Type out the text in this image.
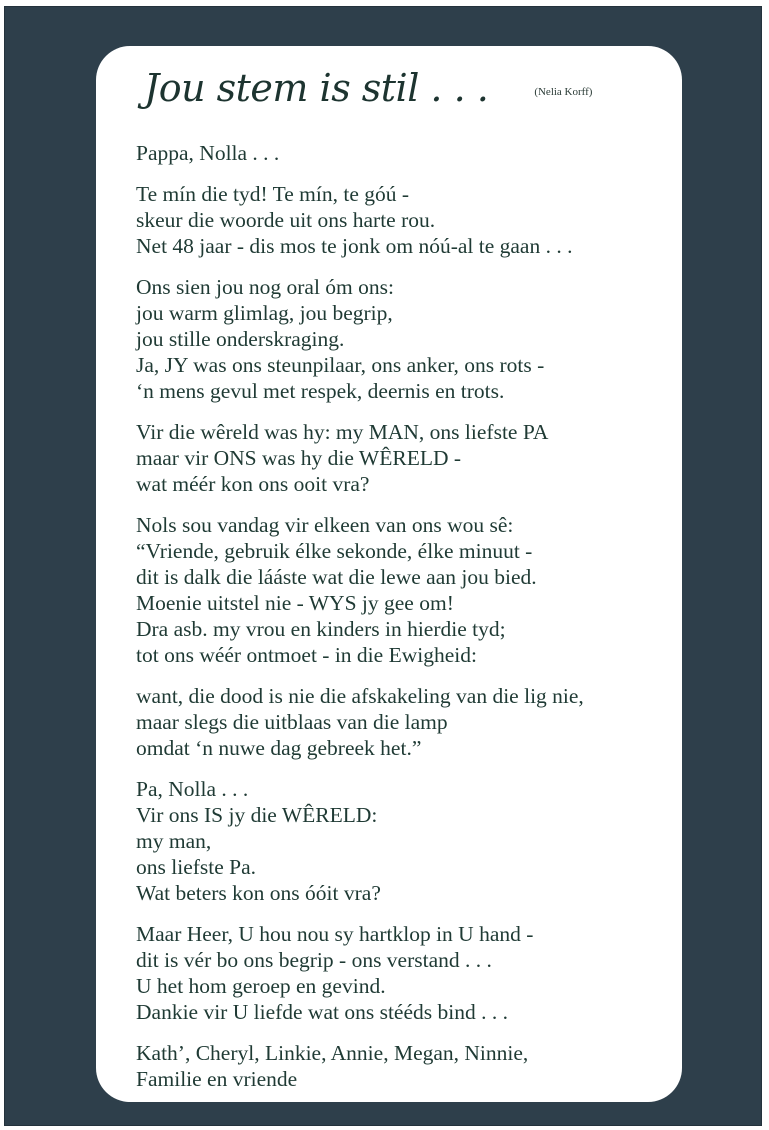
Jou stem is stil . . .	(Nelia Korff)
Pappa, Nolla . . .
Te mín die tyd! Te mín, te góú -
skeur die woorde uit ons harte rou.
Net 48 jaar - dis mos te jonk om nóú-al te gaan . . .
Ons sien jou nog oral óm ons:
jou warm glimlag, jou begrip,
jou stille onderskraging.
Ja, JY was ons steunpilaar, ons anker, ons rots -
‘n mens gevul met respek, deernis en trots.
Vir die wêreld was hy: my MAN, ons liefste PA
maar vir ONS was hy die WÊRELD -
wat méér kon ons ooit vra?
Nols sou vandag vir elkeen van ons wou sê:
“Vriende, gebruik élke sekonde, élke minuut -
dit is dalk die lááste wat die lewe aan jou bied.
Moenie uitstel nie - WYS jy gee om!
Dra asb. my vrou en kinders in hierdie tyd;
tot ons wéér ontmoet - in die Ewigheid:
want, die dood is nie die afskakeling van die lig nie,
maar slegs die uitblaas van die lamp
omdat ‘n nuwe dag gebreek het.”
Pa, Nolla . . .
Vir ons IS jy die WÊRELD:
my man,
ons liefste Pa.
Wat beters kon ons óóit vra?
Maar Heer, U hou nou sy hartklop in U hand -
dit is vér bo ons begrip - ons verstand . . .
U het hom geroep en gevind.
Dankie vir U liefde wat ons stééds bind . . .
Kath’, Cheryl, Linkie, Annie, Megan, Ninnie,
Familie en vriende
